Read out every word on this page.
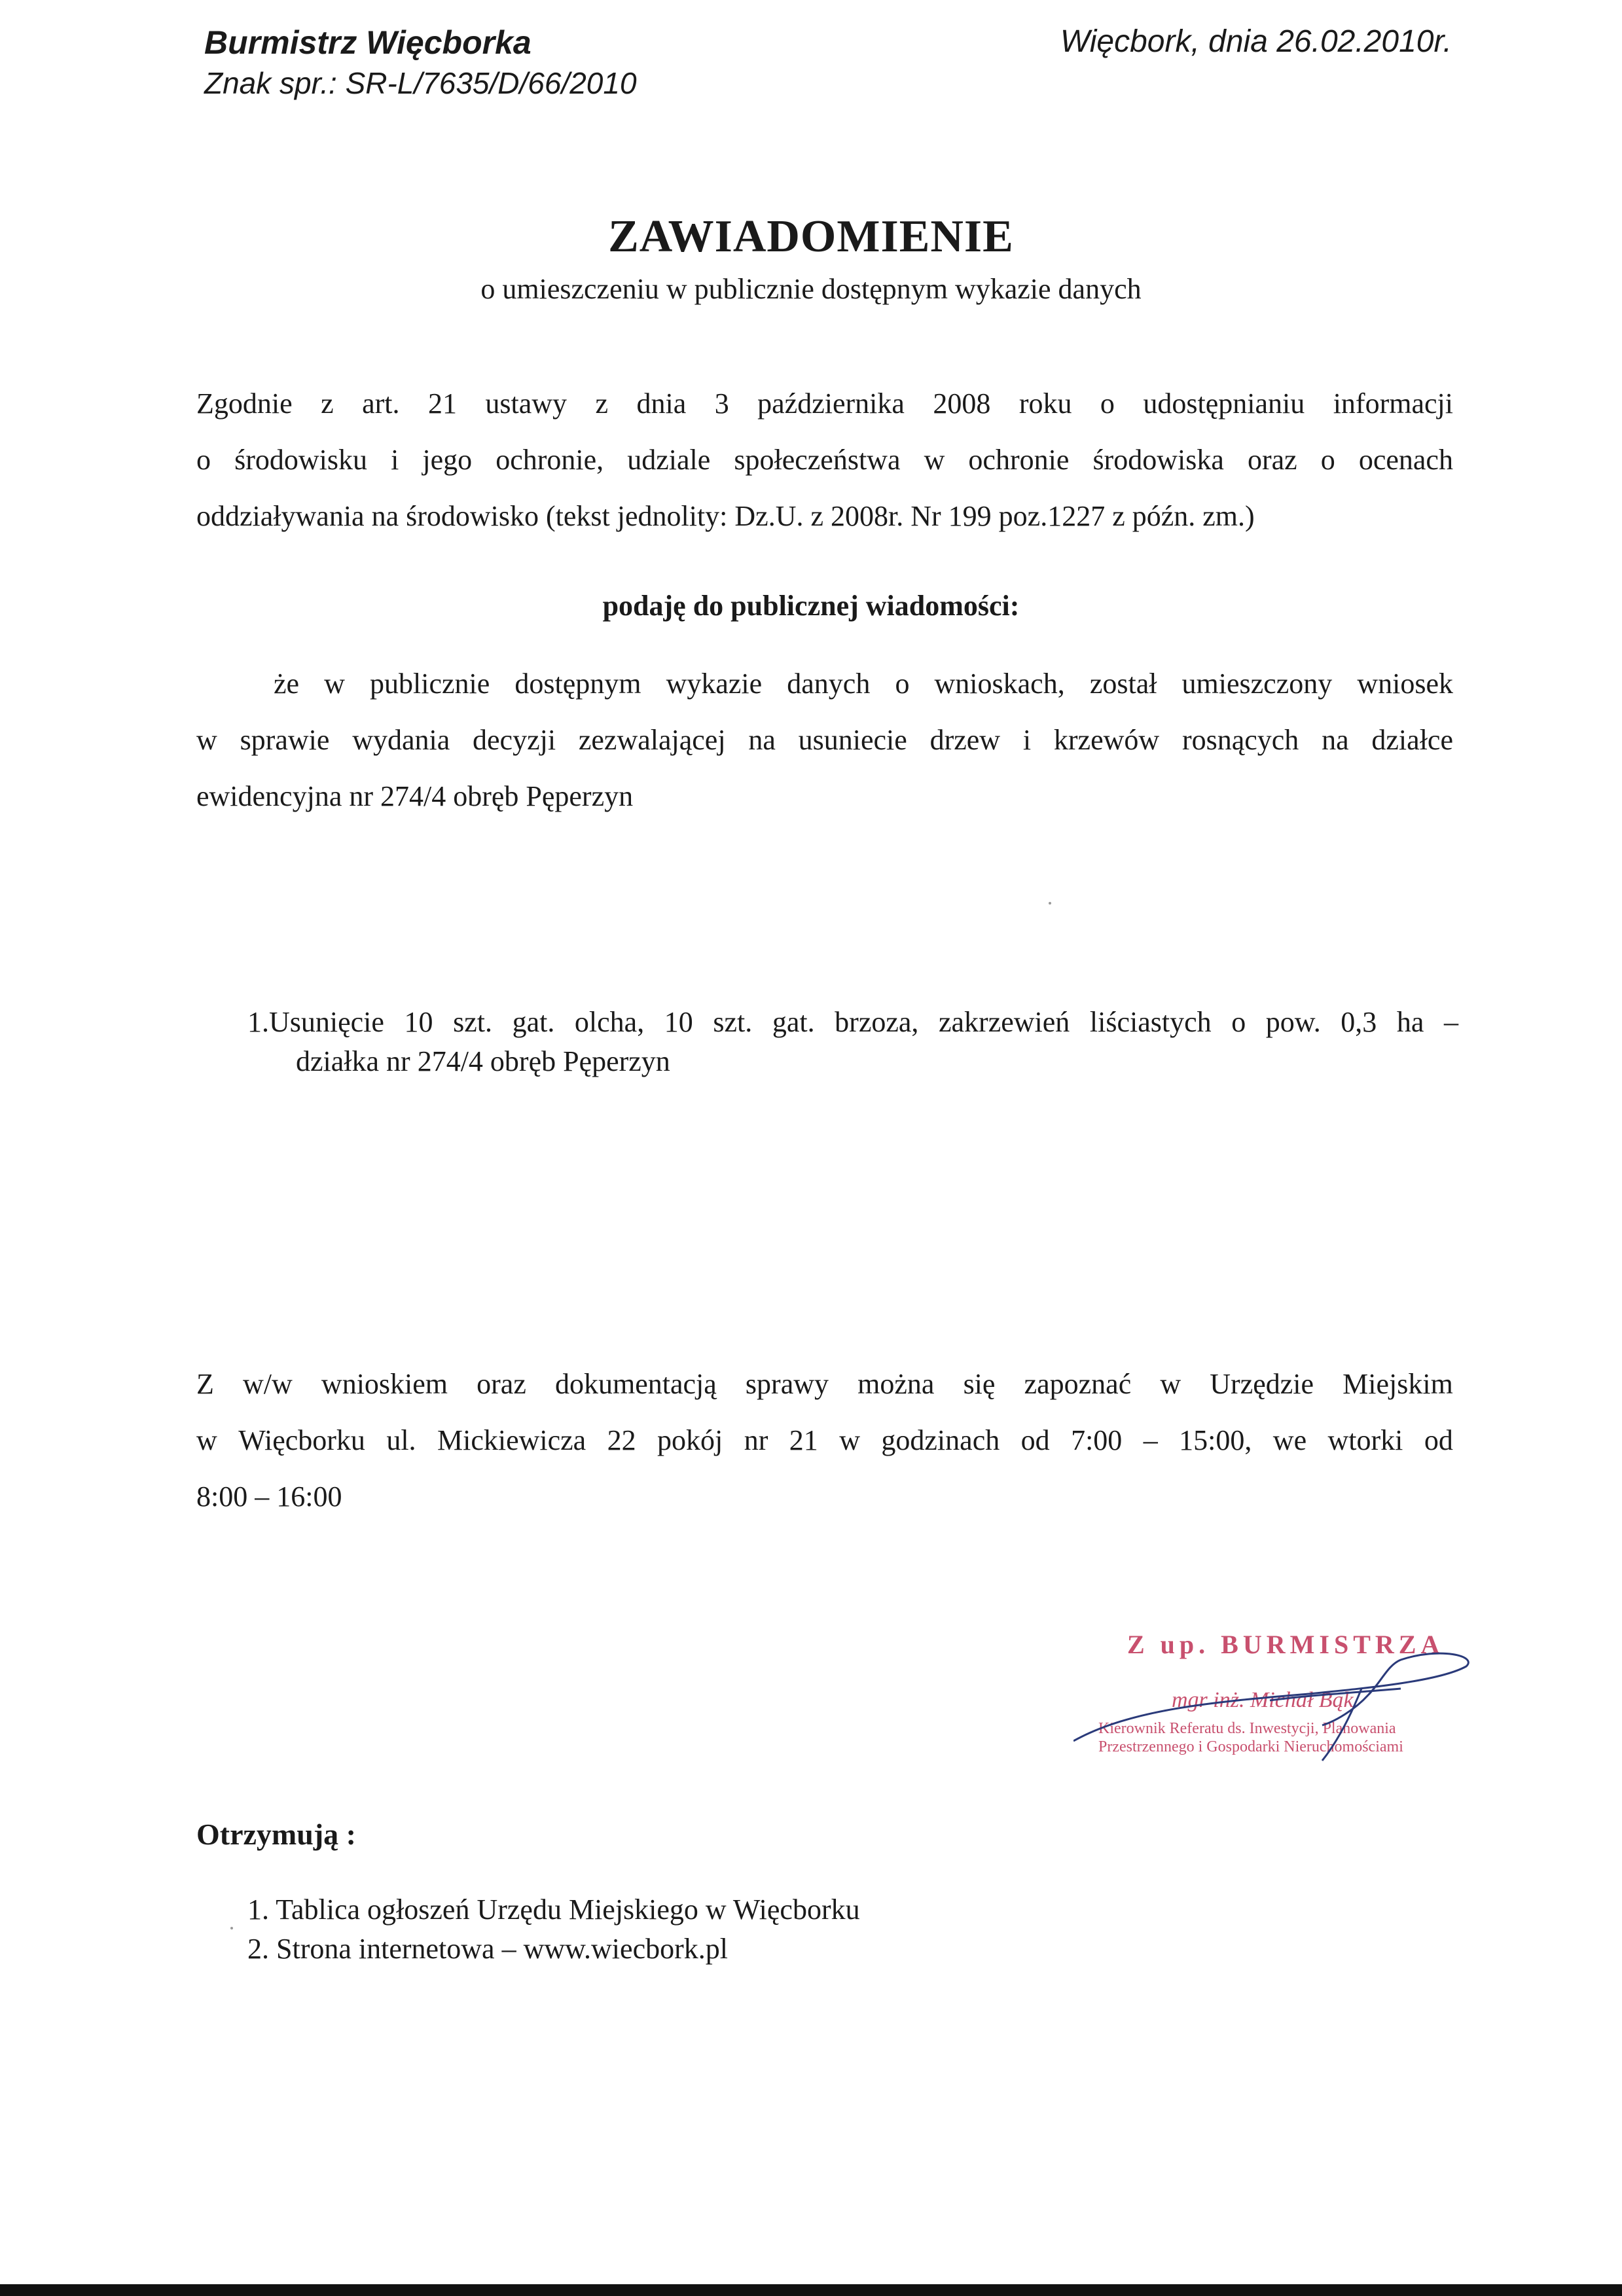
Burmistrz Więcborka
Znak spr.: SR-L/7635/D/66/2010
Więcbork, dnia 26.02.2010r.
ZAWIADOMIENIE
o umieszczeniu w publicznie dostępnym wykazie danych
Zgodnie z art. 21 ustawy z dnia 3 października 2008 roku o udostępnianiu informacji
o środowisku i jego ochronie, udziale społeczeństwa w ochronie środowiska oraz o ocenach
oddziaływania na środowisko (tekst jednolity: Dz.U. z 2008r. Nr 199 poz.1227 z późn. zm.)
podaję do publicznej wiadomości:
że w publicznie dostępnym wykazie danych o wnioskach, został umieszczony wniosek
w sprawie wydania decyzji zezwalającej na usuniecie drzew i krzewów rosnących na działce
ewidencyjna nr 274/4 obręb Pęperzyn
1. Usunięcie 10 szt. gat. olcha, 10 szt. gat. brzoza, zakrzewień liściastych o pow. 0,3 ha –
działka nr 274/4 obręb Pęperzyn
Z w/w wnioskiem oraz dokumentacją sprawy można się zapoznać w Urzędzie Miejskim
w Więcborku ul. Mickiewicza 22 pokój nr 21 w godzinach od 7:00 – 15:00, we wtorki od
8:00 – 16:00
Z up. BURMISTRZA
mgr inż. Michał Bąk
Kierownik Referatu ds. Inwestycji, Planowania
Przestrzennego i Gospodarki Nieruchomościami
Otrzymują :
1. Tablica ogłoszeń Urzędu Miejskiego w Więcborku
2. Strona internetowa – www.wiecbork.pl
